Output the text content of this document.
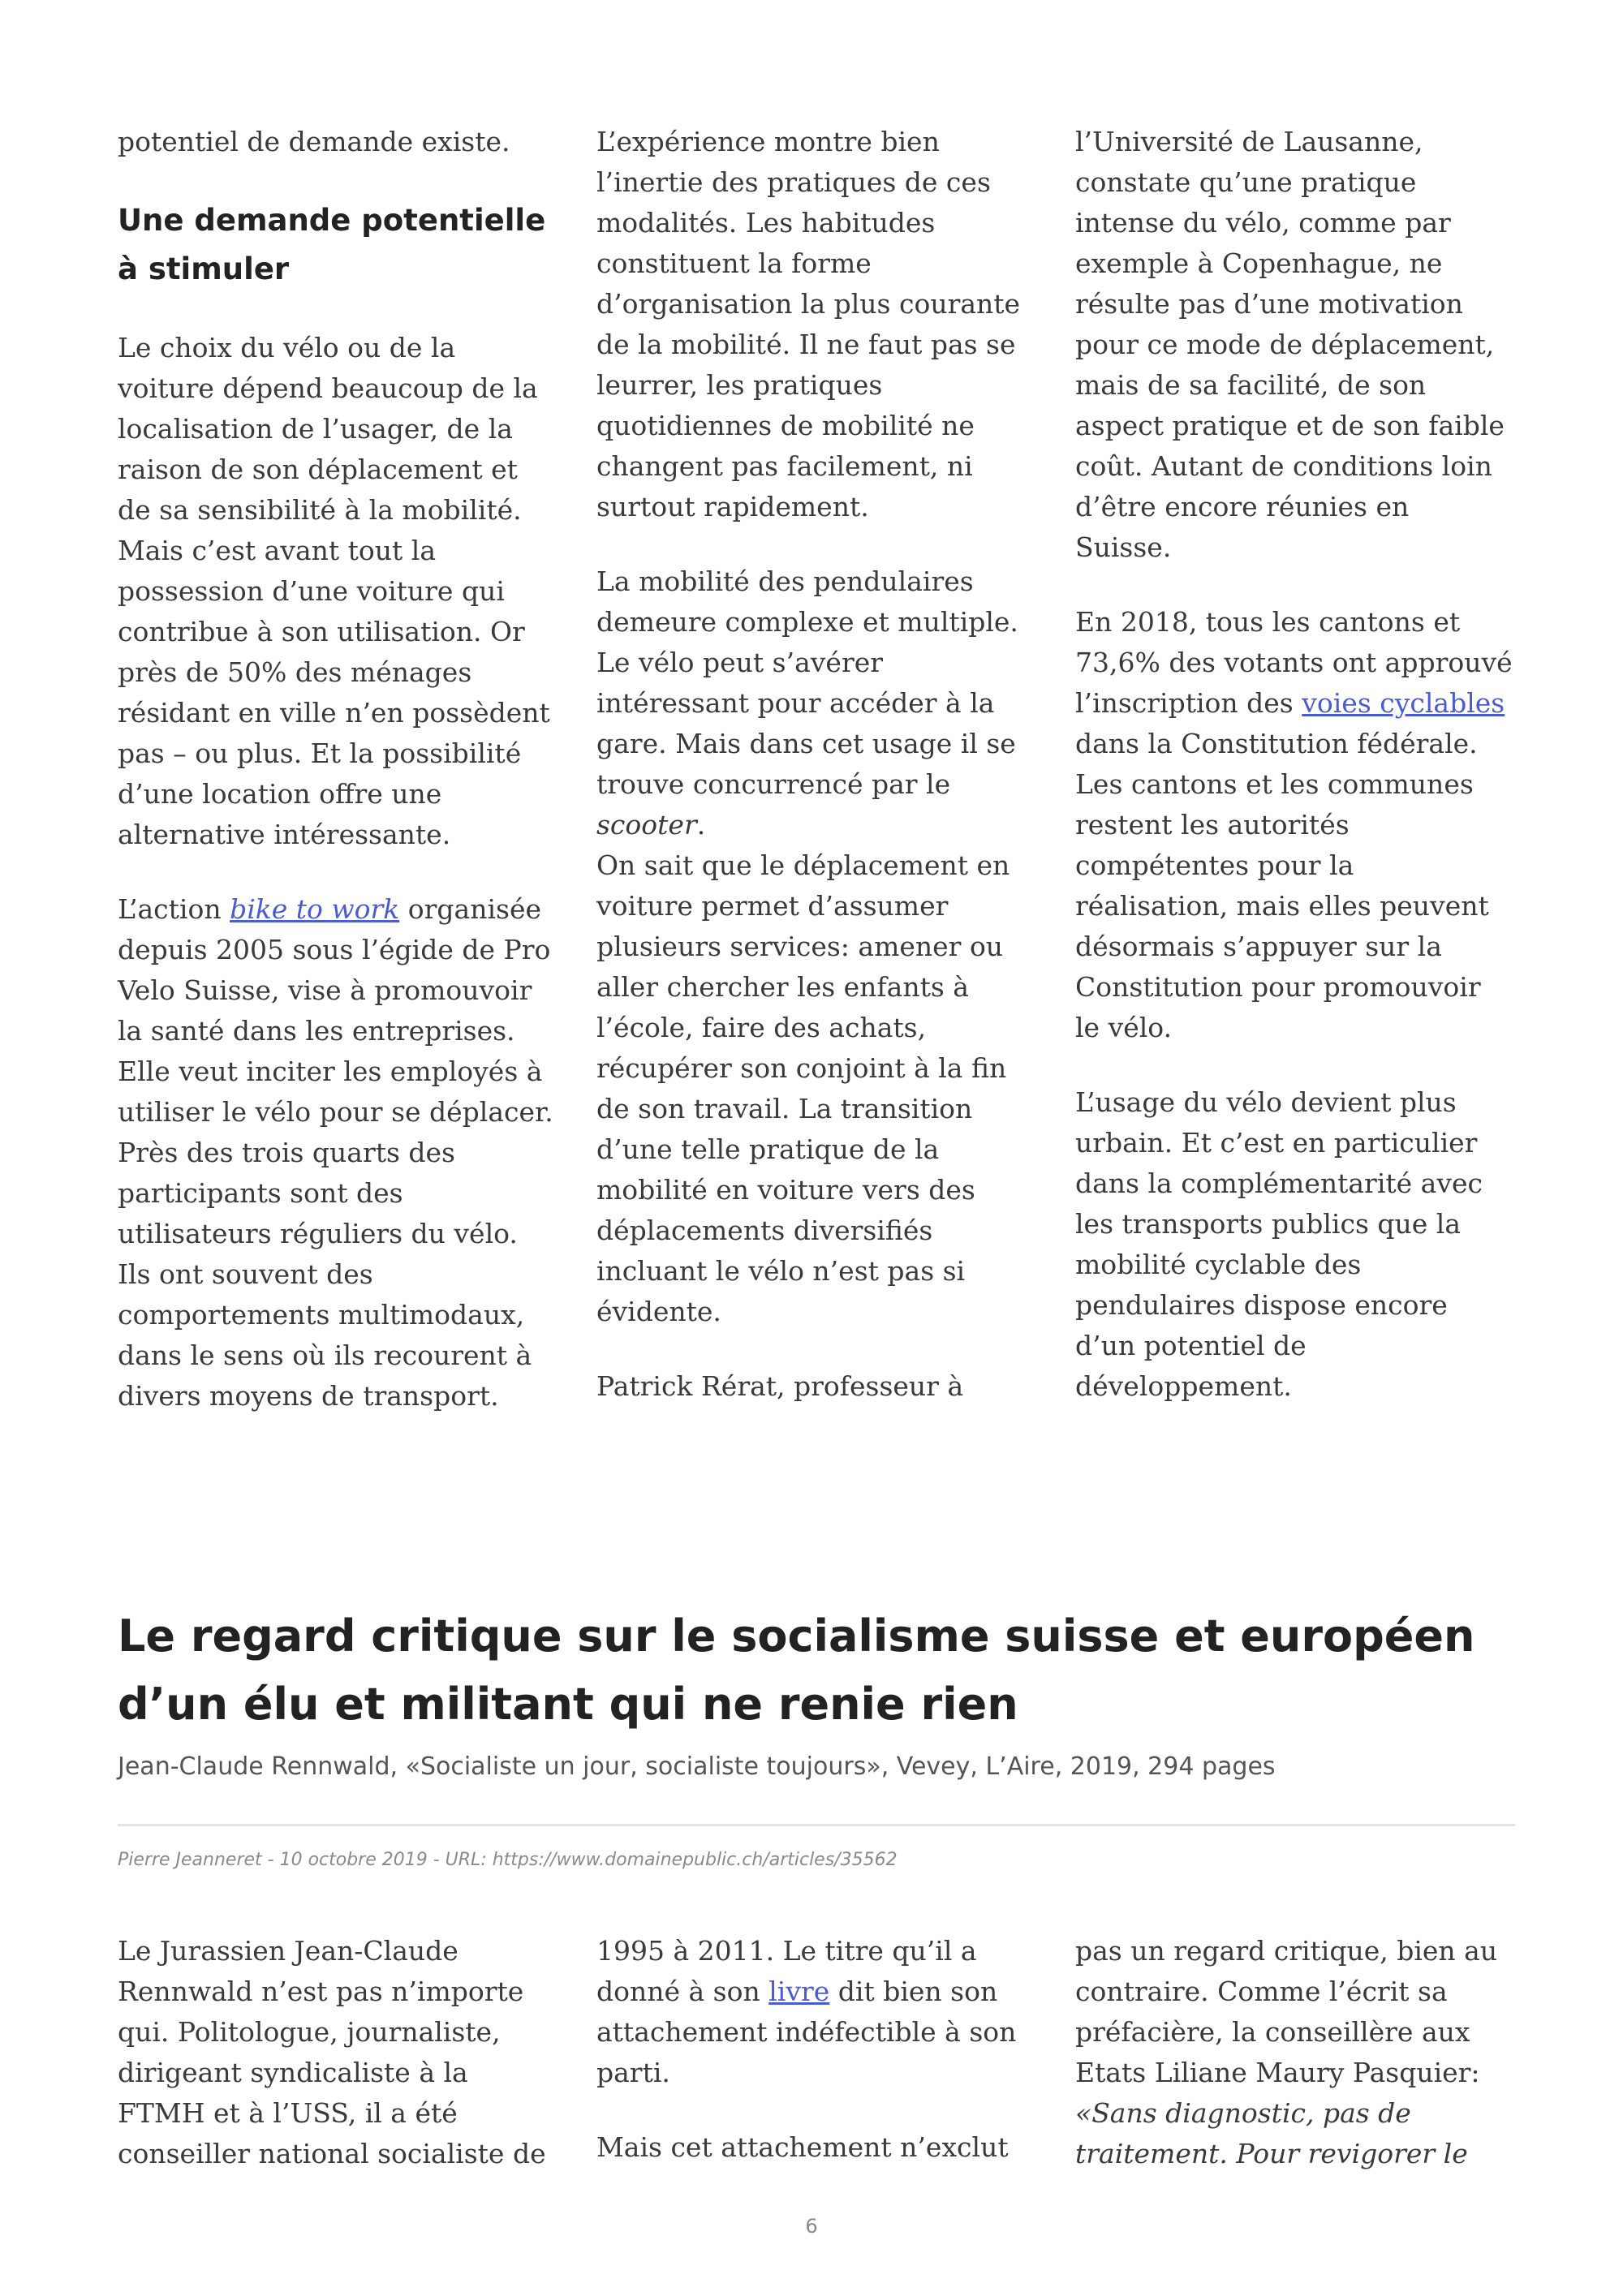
potentiel de demande existe.

Une demande potentielle à stimuler

Le choix du vélo ou de la voiture dépend beaucoup de la localisation de l’usager, de la raison de son déplacement et de sa sensibilité à la mobilité. Mais c’est avant tout la possession d’une voiture qui contribue à son utilisation. Or près de 50% des ménages résidant en ville n’en possèdent pas – ou plus. Et la possibilité d’une location offre une alternative intéressante.

L’action bike to work organisée depuis 2005 sous l’égide de Pro Velo Suisse, vise à promouvoir la santé dans les entreprises. Elle veut inciter les employés à utiliser le vélo pour se déplacer. Près des trois quarts des participants sont des utilisateurs réguliers du vélo. Ils ont souvent des comportements multimodaux, dans le sens où ils recourent à divers moyens de transport.

L’expérience montre bien l’inertie des pratiques de ces modalités. Les habitudes constituent la forme d’organisation la plus courante de la mobilité. Il ne faut pas se leurrer, les pratiques quotidiennes de mobilité ne changent pas facilement, ni surtout rapidement.

La mobilité des pendulaires demeure complexe et multiple. Le vélo peut s’avérer intéressant pour accéder à la gare. Mais dans cet usage il se trouve concurrencé par le scooter.

On sait que le déplacement en voiture permet d’assumer plusieurs services: amener ou aller chercher les enfants à l’école, faire des achats, récupérer son conjoint à la fin de son travail. La transition d’une telle pratique de la mobilité en voiture vers des déplacements diversifiés incluant le vélo n’est pas si évidente.

Patrick Rérat, professeur à

l’Université de Lausanne, constate qu’une pratique intense du vélo, comme par exemple à Copenhague, ne résulte pas d’une motivation pour ce mode de déplacement, mais de sa facilité, de son aspect pratique et de son faible coût. Autant de conditions loin d’être encore réunies en Suisse.

En 2018, tous les cantons et 73,6% des votants ont approuvé l’inscription des voies cyclables dans la Constitution fédérale. Les cantons et les communes restent les autorités compétentes pour la réalisation, mais elles peuvent désormais s’appuyer sur la Constitution pour promouvoir le vélo.

L’usage du vélo devient plus urbain. Et c’est en particulier dans la complémentarité avec les transports publics que la mobilité cyclable des pendulaires dispose encore d’un potentiel de développement.

Le regard critique sur le socialisme suisse et européen d’un élu et militant qui ne renie rien

Jean-Claude Rennwald, «Socialiste un jour, socialiste toujours», Vevey, L’Aire, 2019, 294 pages

Pierre Jeanneret - 10 octobre 2019 - URL: https://www.domainepublic.ch/articles/35562

Le Jurassien Jean-Claude Rennwald n’est pas n’importe qui. Politologue, journaliste, dirigeant syndicaliste à la FTMH et à l’USS, il a été conseiller national socialiste de

1995 à 2011. Le titre qu’il a donné à son livre dit bien son attachement indéfectible à son parti.

Mais cet attachement n’exclut

pas un regard critique, bien au contraire. Comme l’écrit sa préfacière, la conseillère aux Etats Liliane Maury Pasquier: «Sans diagnostic, pas de traitement. Pour revigorer le

6
